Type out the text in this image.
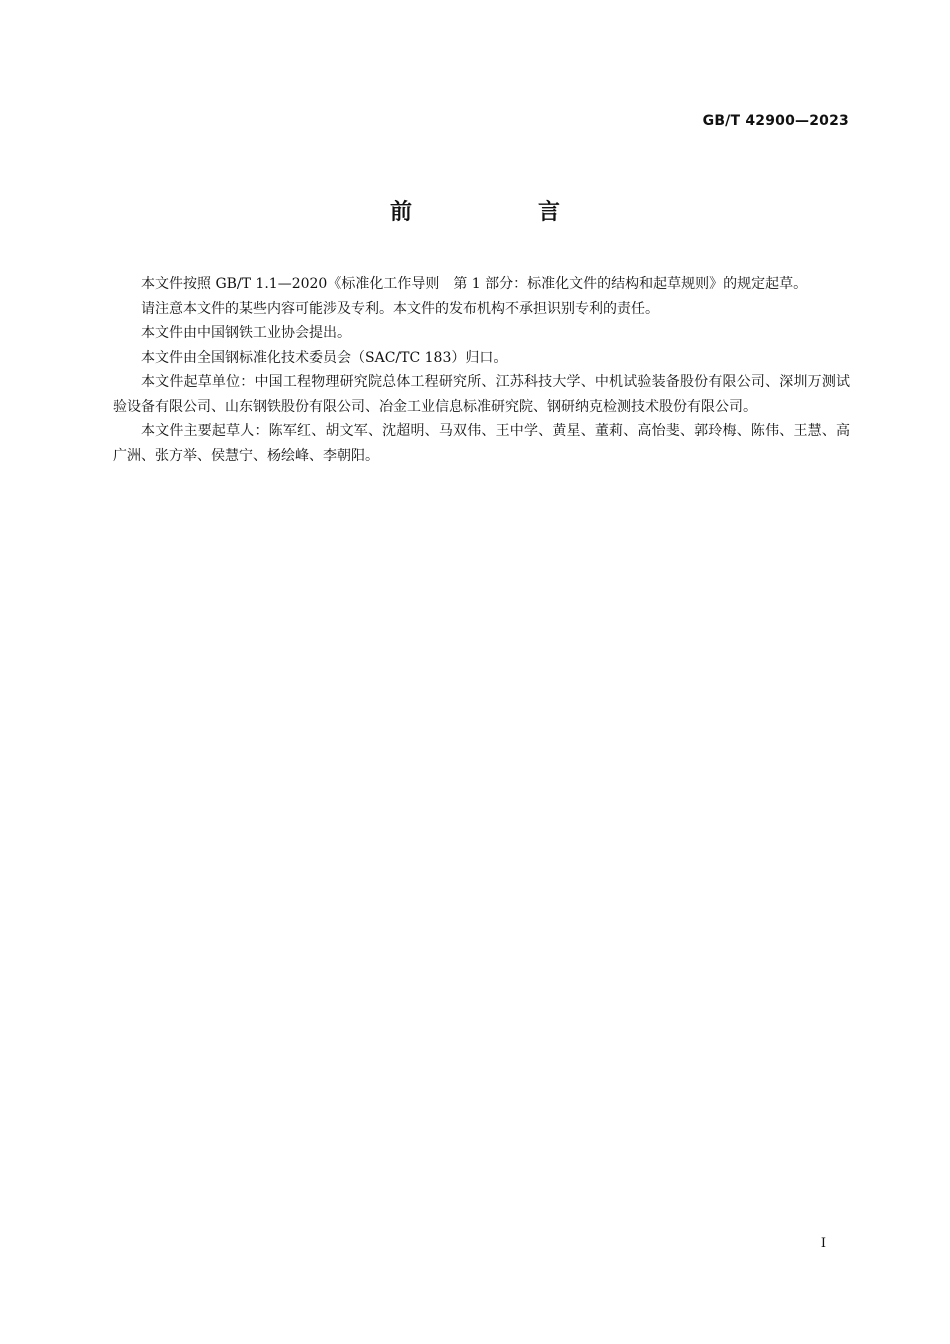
GB/T 42900—2023
前　言

本文件按照 GB/T 1.1—2020《标准化工作导则　第 1 部分：标准化文件的结构和起草规则》的规定起草。

请注意本文件的某些内容可能涉及专利。本文件的发布机构不承担识别专利的责任。

本文件由中国钢铁工业协会提出。

本文件由全国钢标准化技术委员会（SAC/TC 183）归口。

本文件起草单位：中国工程物理研究院总体工程研究所、江苏科技大学、中机试验装备股份有限公司、深圳万测试验设备有限公司、山东钢铁股份有限公司、冶金工业信息标准研究院、钢研纳克检测技术股份有限公司。

本文件主要起草人：陈军红、胡文军、沈超明、马双伟、王中学、黄星、董莉、高怡斐、郭玲梅、陈伟、王慧、高广洲、张方举、侯慧宁、杨绘峰、李朝阳。

I
